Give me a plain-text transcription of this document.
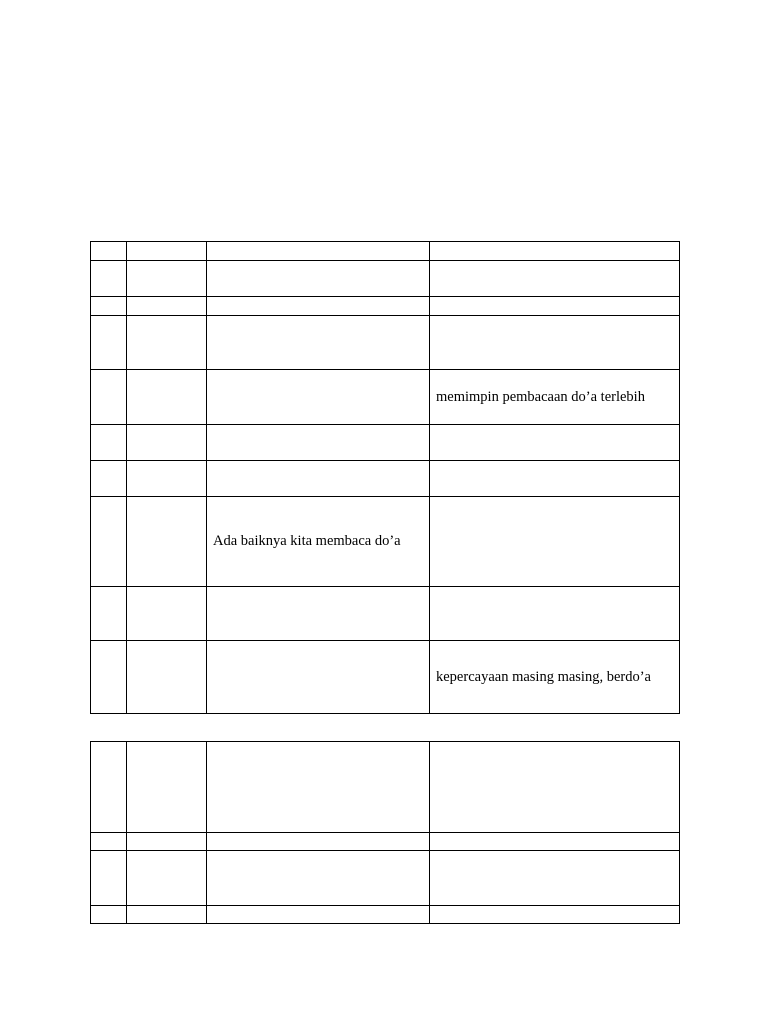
			memimpin pembacaan do’a terlebih

		Ada baiknya kita membaca do’a	

			kepercayaan masing masing, berdo’a
